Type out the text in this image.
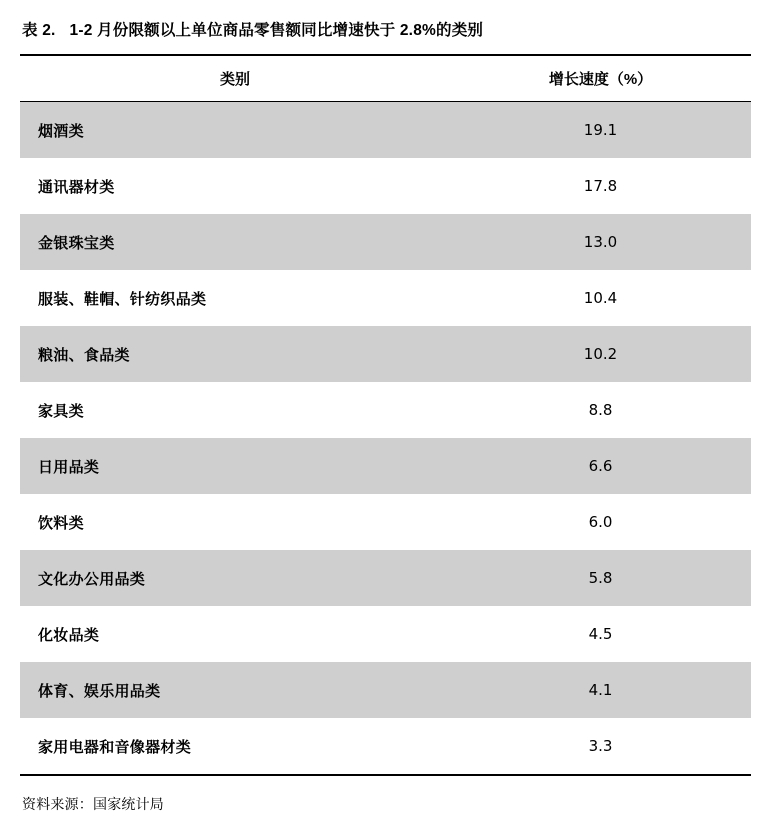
表 2. 1-2 月份限额以上单位商品零售额同比增速快于 2.8%的类别
类别	增长速度（%）
烟酒类	19.1
通讯器材类	17.8
金银珠宝类	13.0
服装、鞋帽、针纺织品类	10.4
粮油、食品类	10.2
家具类	8.8
日用品类	6.6
饮料类	6.0
文化办公用品类	5.8
化妆品类	4.5
体育、娱乐用品类	4.1
家用电器和音像器材类	3.3
资料来源：国家统计局
